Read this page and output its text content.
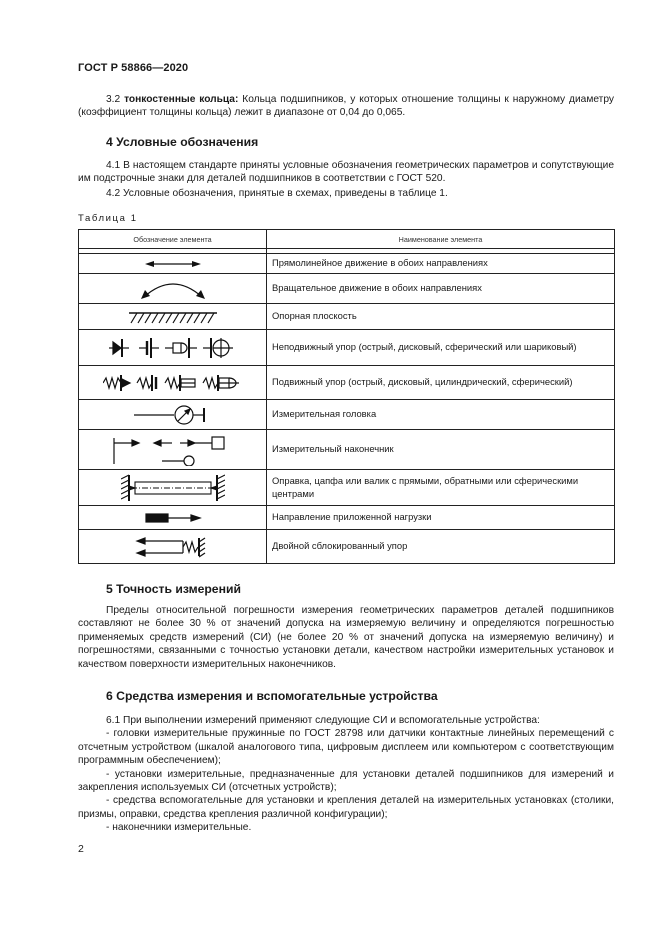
ГОСТ Р 58866—2020
3.2 тонкостенные кольца: Кольца подшипников, у которых отношение толщины к наружному диаметру (коэффициент толщины кольца) лежит в диапазоне от 0,04 до 0,065.
4 Условные обозначения
4.1 В настоящем стандарте приняты условные обозначения геометрических параметров и сопутствующие им подстрочные знаки для деталей подшипников в соответствии с ГОСТ 520.
4.2 Условные обозначения, принятые в схемах, приведены в таблице 1.
Таблица 1
Обозначение элемента	Наименование элемента

	Прямолинейное движение в обоих направлениях

	Вращательное движение в обоих направлениях

	Опорная плоскость

	Неподвижный упор (острый, дисковый, сферический или шариковый)

	Подвижный упор (острый, дисковый, цилиндрический, сферический)

	Измерительная головка

	Измерительный наконечник

	Оправка, цапфа или валик с прямыми, обратными или сферическими центрами

	Направление приложенной нагрузки

	Двойной сблокированный упор
5 Точность измерений
Пределы относительной погрешности измерения геометрических параметров деталей подшипников составляют не более 30 % от значений допуска на измеряемую величину и определяются погрешностью применяемых средств измерений (СИ) (не более 20 % от значений допуска на измеряемую величину) и погрешностями, связанными с точностью установки детали, качеством настройки измерительных установок и качеством поверхности измерительных наконечников.
6 Средства измерения и вспомогательные устройства

6.1 При выполнении измерений применяют следующие СИ и вспомогательные устройства:

- головки измерительные пружинные по ГОСТ 28798 или датчики контактные линейных перемещений с отсчетным устройством (шкалой аналогового типа, цифровым дисплеем или компьютером с соответствующим программным обеспечением);

- установки измерительные, предназначенные для установки деталей подшипников для измерений и закрепления используемых СИ (отсчетных устройств);

- средства вспомогательные для установки и крепления деталей на измерительных установках (столики, призмы, оправки, средства крепления различной конфигурации);

- наконечники измерительные.

2
